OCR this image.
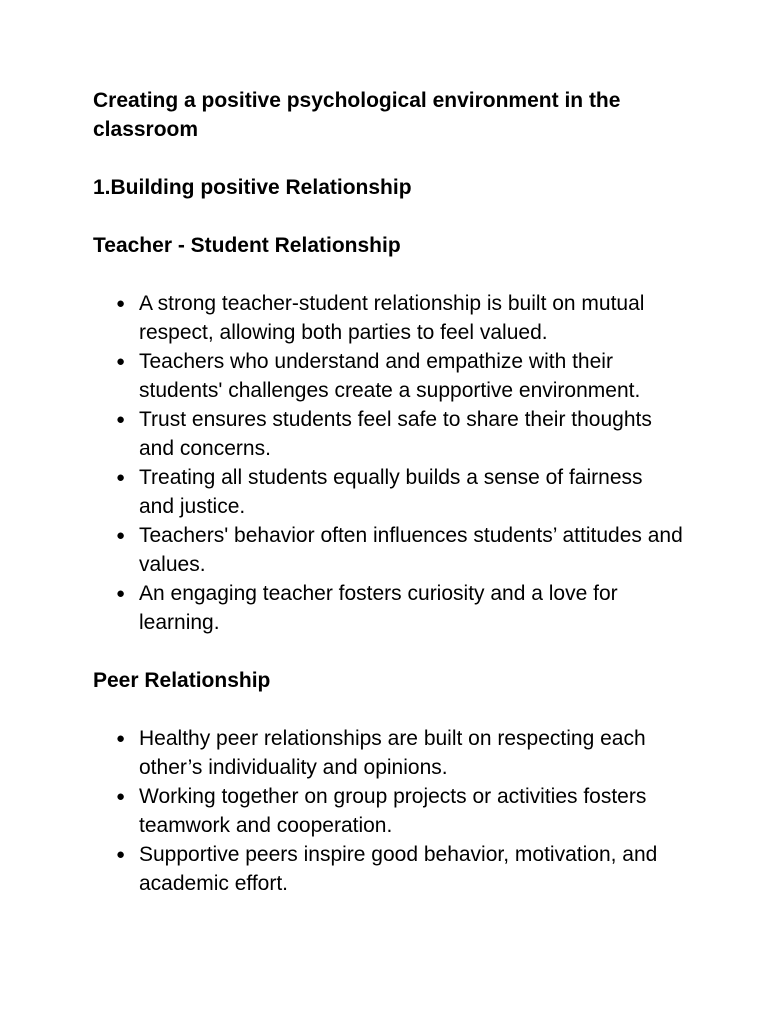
Creating a positive psychological environment in the classroom
1.Building positive Relationship
Teacher - Student Relationship
● A strong teacher-student relationship is built on mutual respect, allowing both parties to feel valued.
● Teachers who understand and empathize with their students' challenges create a supportive environment.
● Trust ensures students feel safe to share their thoughts and concerns.
● Treating all students equally builds a sense of fairness and justice.
● Teachers' behavior often influences students’ attitudes and values.
● An engaging teacher fosters curiosity and a love for learning.
Peer Relationship
● Healthy peer relationships are built on respecting each other’s individuality and opinions.
● Working together on group projects or activities fosters teamwork and cooperation.
● Supportive peers inspire good behavior, motivation, and academic effort.
